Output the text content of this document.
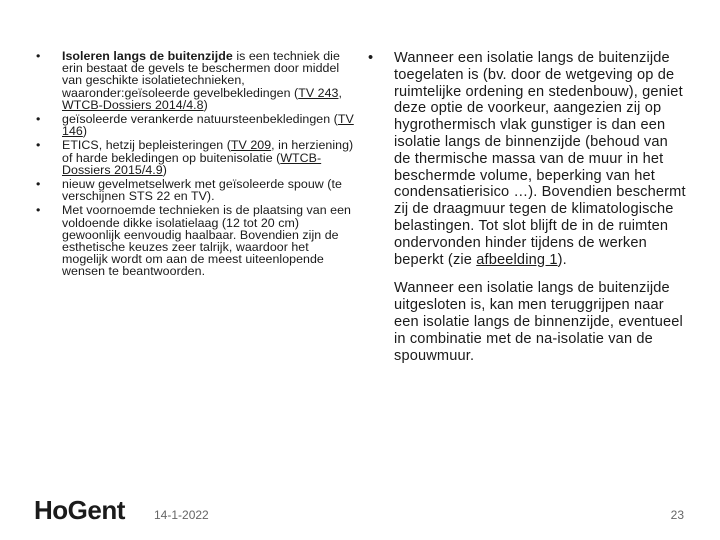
• Isoleren langs de buitenzijde is een techniek die erin bestaat de gevels te beschermen door middel van geschikte isolatietechnieken, waaronder:geïsoleerde gevelbekledingen (TV 243, WTCB-Dossiers 2014/4.8)
• geïsoleerde verankerde natuursteenbekledingen (TV 146)
• ETICS, hetzij bepleisteringen (TV 209, in herziening) of harde bekledingen op buitenisolatie (WTCB-Dossiers 2015/4.9)
• nieuw gevelmetselwerk met geïsoleerde spouw (te verschijnen STS 22 en TV).
• Met voornoemde technieken is de plaatsing van een voldoende dikke isolatielaag (12 tot 20 cm) gewoonlijk eenvoudig haalbaar. Bovendien zijn de esthetische keuzes zeer talrijk, waardoor het mogelijk wordt om aan de meest uiteenlopende wensen te beantwoorden.
• Wanneer een isolatie langs de buitenzijde toegelaten is (bv. door de wetgeving op de ruimtelijke ordening en stedenbouw), geniet deze optie de voorkeur, aangezien zij op hygrothermisch vlak gunstiger is dan een isolatie langs de binnenzijde (behoud van de thermische massa van de muur in het beschermde volume, beperking van het condensatierisico …). Bovendien beschermt zij de draagmuur tegen de klimatologische belastingen. Tot slot blijft de in de ruimten ondervonden hinder tijdens de werken beperkt (zie afbeelding 1).

Wanneer een isolatie langs de buitenzijde uitgesloten is, kan men teruggrijpen naar een isolatie langs de binnenzijde, eventueel in combinatie met de na-isolatie van de spouwmuur.

HoGent 14-1-2022	23
